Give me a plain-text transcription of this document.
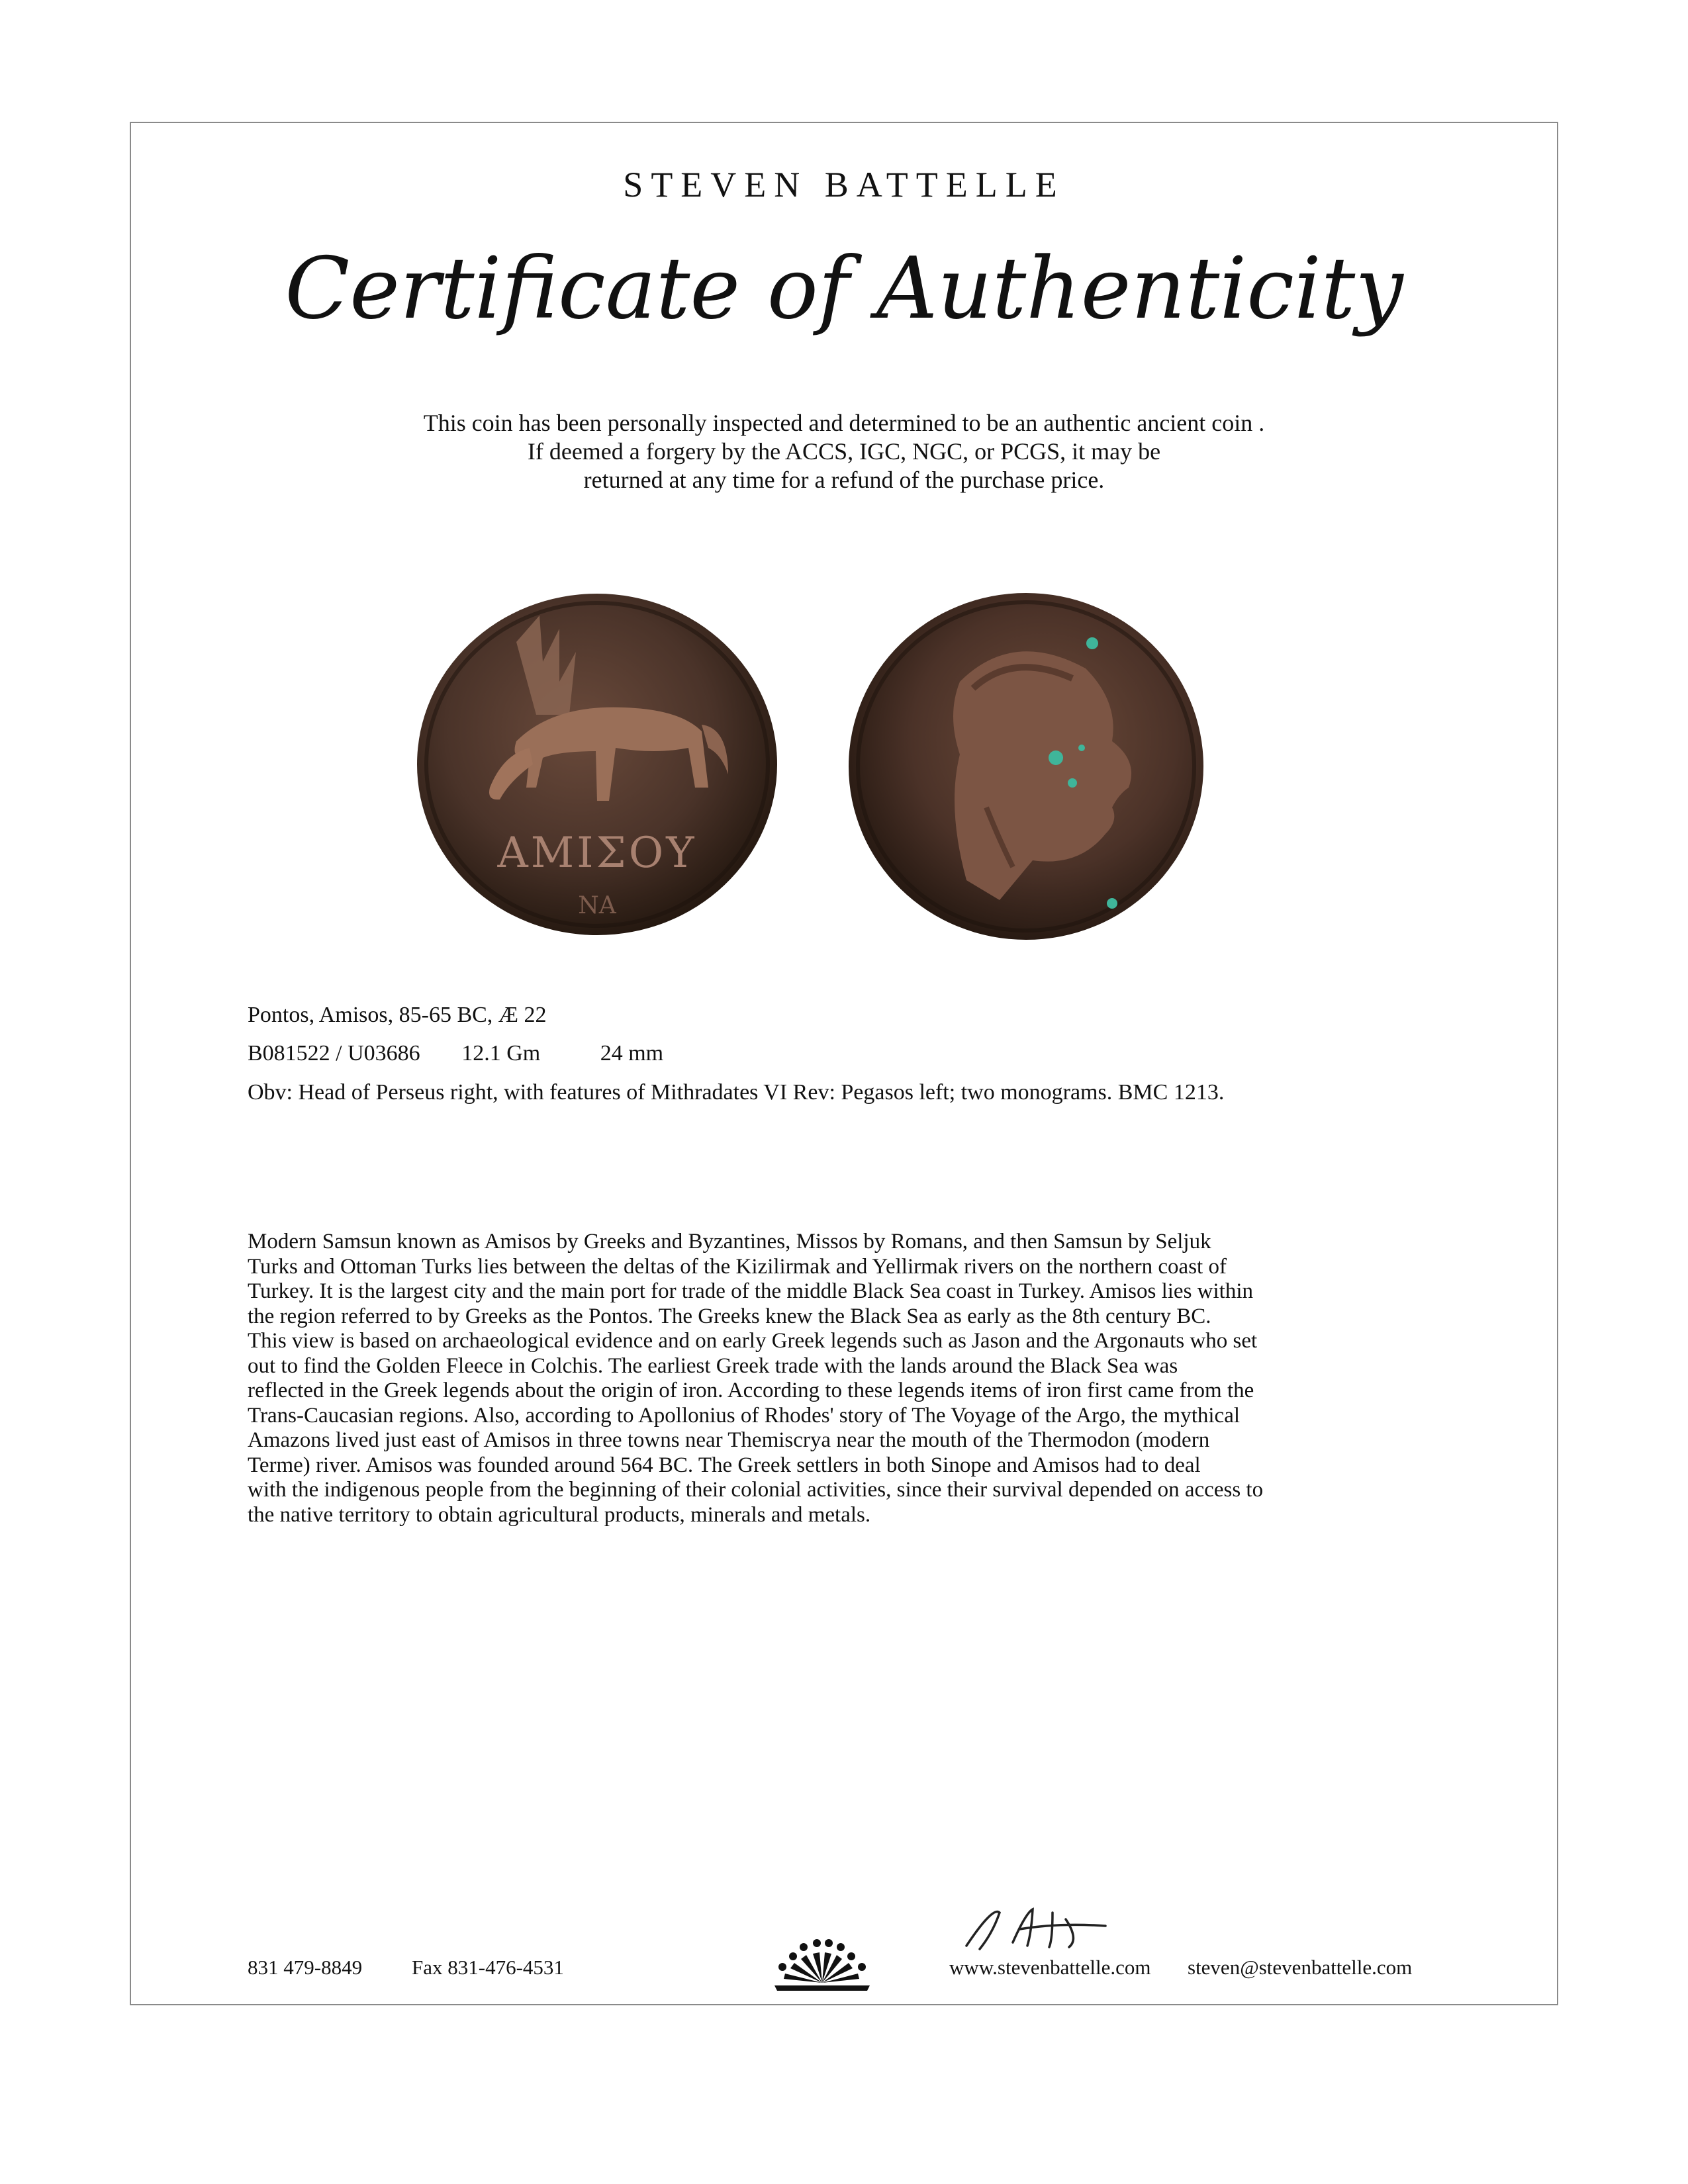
STEVEN BATTELLE
Certificate of Authenticity
This coin has been personally inspected and determined to be an authentic ancient coin .
If deemed a forgery by the ACCS, IGC, NGC, or PCGS, it may be
returned at any time for a refund of the purchase price.
ΑΜΙΣΟΥ
ΝΑ
Pontos, Amisos, 85-65 BC, Æ 22
B081522 / U03686 12.1 Gm	24 mm
Obv: Head of Perseus right, with features of Mithradates VI Rev: Pegasos left; two monograms. BMC 1213.

Modern Samsun known as Amisos by Greeks and Byzantines, Missos by Romans, and then Samsun by Seljuk

Turks and Ottoman Turks lies between the deltas of the Kizilirmak and Yellirmak rivers on the northern coast of

Turkey. It is the largest city and the main port for trade of the middle Black Sea coast in Turkey. Amisos lies within

the region referred to by Greeks as the Pontos. The Greeks knew the Black Sea as early as the 8th century BC.

This view is based on archaeological evidence and on early Greek legends such as Jason and the Argonauts who set

out to find the Golden Fleece in Colchis. The earliest Greek trade with the lands around the Black Sea was

reflected in the Greek legends about the origin of iron. According to these legends items of iron first came from the

Trans-Caucasian regions. Also, according to Apollonius of Rhodes' story of The Voyage of the Argo, the mythical

Amazons lived just east of Amisos in three towns near Themiscrya near the mouth of the Thermodon (modern

Terme) river. Amisos was founded around 564 BC. The Greek settlers in both Sinope and Amisos had to deal

with the indigenous people from the beginning of their colonial activities, since their survival depended on access to

the native territory to obtain agricultural products, minerals and metals.

831 479-8849 Fax 831-476-4531	www.stevenbattelle.com steven@stevenbattelle.com
